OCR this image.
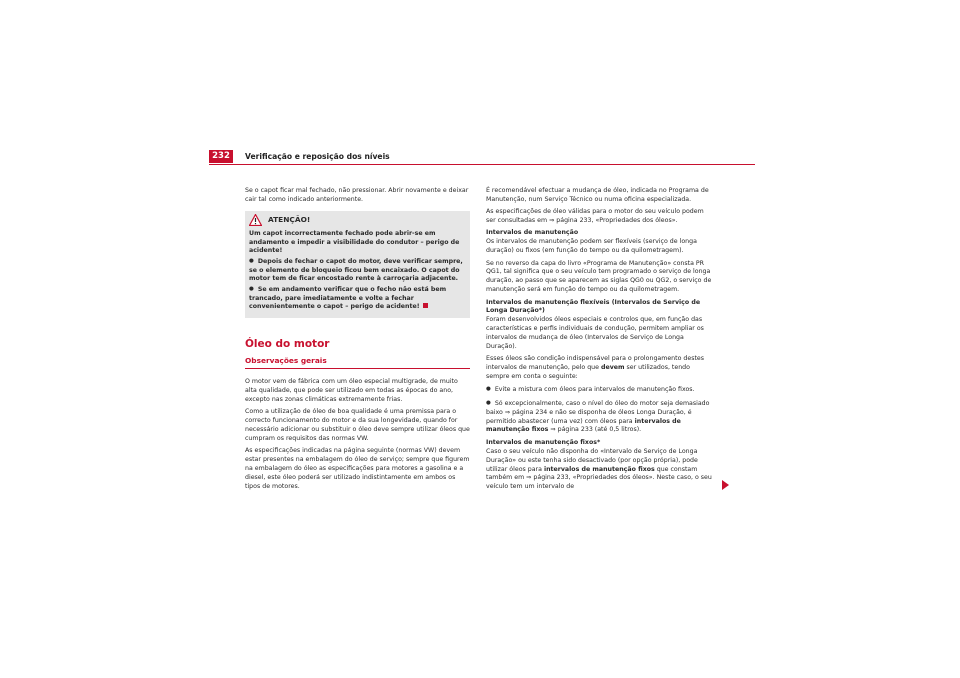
232	Verificação e reposição dos níveis

Se o capot ficar mal fechado, não pressionar. Abrir novamente e deixar cair tal como indicado anteriormente.

ATENÇÃO!

Um capot incorrectamente fechado pode abrir-se em andamento e impedir a visibilidade do condutor – perigo de acidente!

● Depois de fechar o capot do motor, deve verificar sempre, se o elemento de bloqueio ficou bem encaixado. O capot do motor tem de ficar encostado rente à carroçaria adjacente.

● Se em andamento verificar que o fecho não está bem trancado, pare imediatamente e volte a fechar convenientemente o capot – perigo de acidente!

Óleo do motor
Observações gerais

O motor vem de fábrica com um óleo especial multigrade, de muito alta qualidade, que pode ser utilizado em todas as épocas do ano, excepto nas zonas climáticas extremamente frias.

Como a utilização de óleo de boa qualidade é uma premissa para o correcto funcionamento do motor e da sua longevidade, quando for necessário adicionar ou substituir o óleo deve sempre utilizar óleos que cumpram os requisitos das normas VW.

As especificações indicadas na página seguinte (normas VW) devem estar presentes na embalagem do óleo de serviço; sempre que figurem na embalagem do óleo as especificações para motores a gasolina e a diesel, este óleo poderá ser utilizado indistintamente em ambos os tipos de motores.

É recomendável efectuar a mudança de óleo, indicada no Programa de Manutenção, num Serviço Técnico ou numa oficina especializada.

As especificações de óleo válidas para o motor do seu veículo podem ser consultadas em ⇒ página 233, «Propriedades dos óleos».

Intervalos de manutenção

Os intervalos de manutenção podem ser flexíveis (serviço de longa duração) ou fixos (em função do tempo ou da quilometragem).

Se no reverso da capa do livro «Programa de Manutenção» consta PR QG1, tal significa que o seu veículo tem programado o serviço de longa duração, ao passo que se aparecem as siglas QG0 ou QG2, o serviço de manutenção será em função do tempo ou da quilometragem.

Intervalos de manutenção flexíveis (Intervalos de Serviço de Longa Duração*)

Foram desenvolvidos óleos especiais e controlos que, em função das características e perfis individuais de condução, permitem ampliar os intervalos de mudança de óleo (Intervalos de Serviço de Longa Duração).

Esses óleos são condição indispensável para o prolongamento destes intervalos de manutenção, pelo que devem ser utilizados, tendo sempre em conta o seguinte:

● Evite a mistura com óleos para intervalos de manutenção fixos.

● Só excepcionalmente, caso o nível do óleo do motor seja demasiado baixo ⇒ página 234 e não se disponha de óleos Longa Duração, é permitido abastecer (uma vez) com óleos para intervalos de manutenção fixos ⇒ página 233 (até 0,5 litros).

Intervalos de manutenção fixos*

Caso o seu veículo não disponha do «Intervalo de Serviço de Longa Duração» ou este tenha sido desactivado (por opção própria), pode utilizar óleos para intervalos de manutenção fixos que constam também em ⇒ página 233, «Propriedades dos óleos». Neste caso, o seu veículo tem um intervalo de
